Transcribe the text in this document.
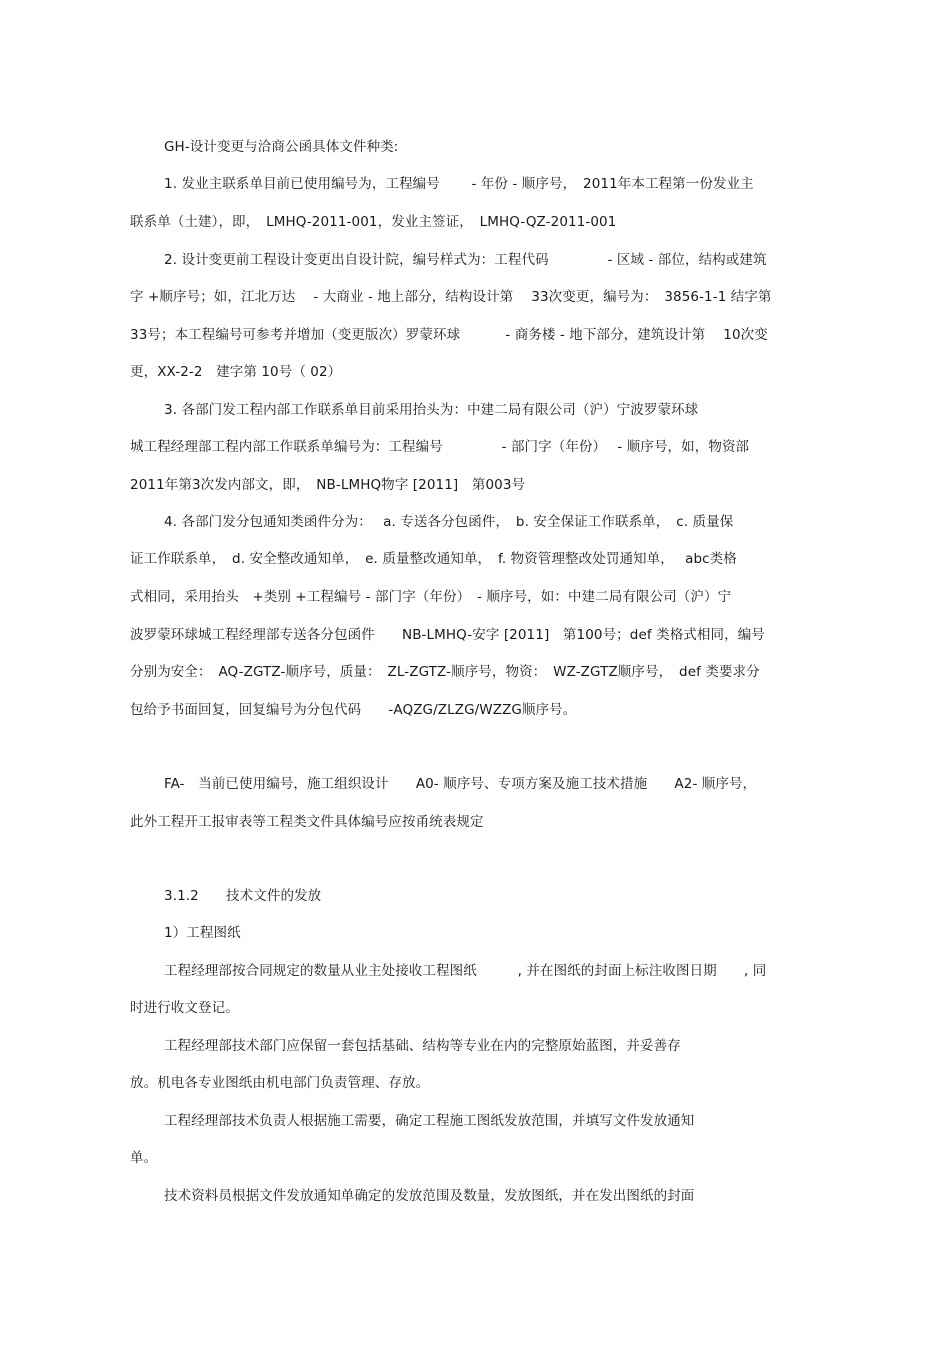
GH-设计变更与洽商公函具体文件种类:
1. 发业主联系单目前已使用编号为，工程编号　　 - 年份 - 顺序号，　2011年本工程第一份发业主
联系单（土建），即，　LMHQ-2011-001，发业主签证，　LMHQ-QZ-2011-001
2. 设计变更前工程设计变更出自设计院，编号样式为：工程代码　　　　 - 区域 - 部位，结构或建筑
字 +顺序号；如，江北万达　 - 大商业 - 地上部分，结构设计第　 33次变更，编号为：　3856-1-1 结字第
33号；本工程编号可参考并增加（变更版次）罗蒙环球　　　 - 商务楼 - 地下部分，建筑设计第　 10次变
更，XX-2-2　建字第 10号（ 02）
3. 各部门发工程内部工作联系单目前采用抬头为：中建二局有限公司（沪）宁波罗蒙环球
城工程经理部工程内部工作联系单编号为：工程编号　　　　 - 部门字（年份）　 - 顺序号，如，物资部
2011年第3次发内部文，即，　NB-LMHQ物字 [2011]　第003号
4. 各部门发分包通知类函件分为：　 a. 专送各分包函件，　b. 安全保证工作联系单，　c. 质量保
证工作联系单，　d. 安全整改通知单，　e. 质量整改通知单，　f. 物资管理整改处罚通知单，　 abc类格
式相同，采用抬头　+类别 +工程编号 - 部门字（年份）　- 顺序号，如：中建二局有限公司（沪）宁
波罗蒙环球城工程经理部专送各分包函件　　NB-LMHQ-安字 [2011]　第100号；def 类格式相同，编号
分别为安全：　AQ-ZGTZ-顺序号，质量：　ZL-ZGTZ-顺序号，物资：　WZ-ZGTZ顺序号，　def 类要求分
包给予书面回复，回复编号为分包代码　　-AQZG/ZLZG/WZZG顺序号。
FA-　当前已使用编号，施工组织设计　　A0- 顺序号、专项方案及施工技术措施　　A2- 顺序号，
此外工程开工报审表等工程类文件具体编号应按甬统表规定
3.1.2　　技术文件的发放
1）工程图纸
工程经理部按合同规定的数量从业主处接收工程图纸　　　, 并在图纸的封面上标注收图日期　　, 同
时进行收文登记。
工程经理部技术部门应保留一套包括基础、结构等专业在内的完整原始蓝图，并妥善存
放。机电各专业图纸由机电部门负责管理、存放。
工程经理部技术负责人根据施工需要，确定工程施工图纸发放范围，并填写文件发放通知
单。
技术资料员根据文件发放通知单确定的发放范围及数量，发放图纸，并在发出图纸的封面
